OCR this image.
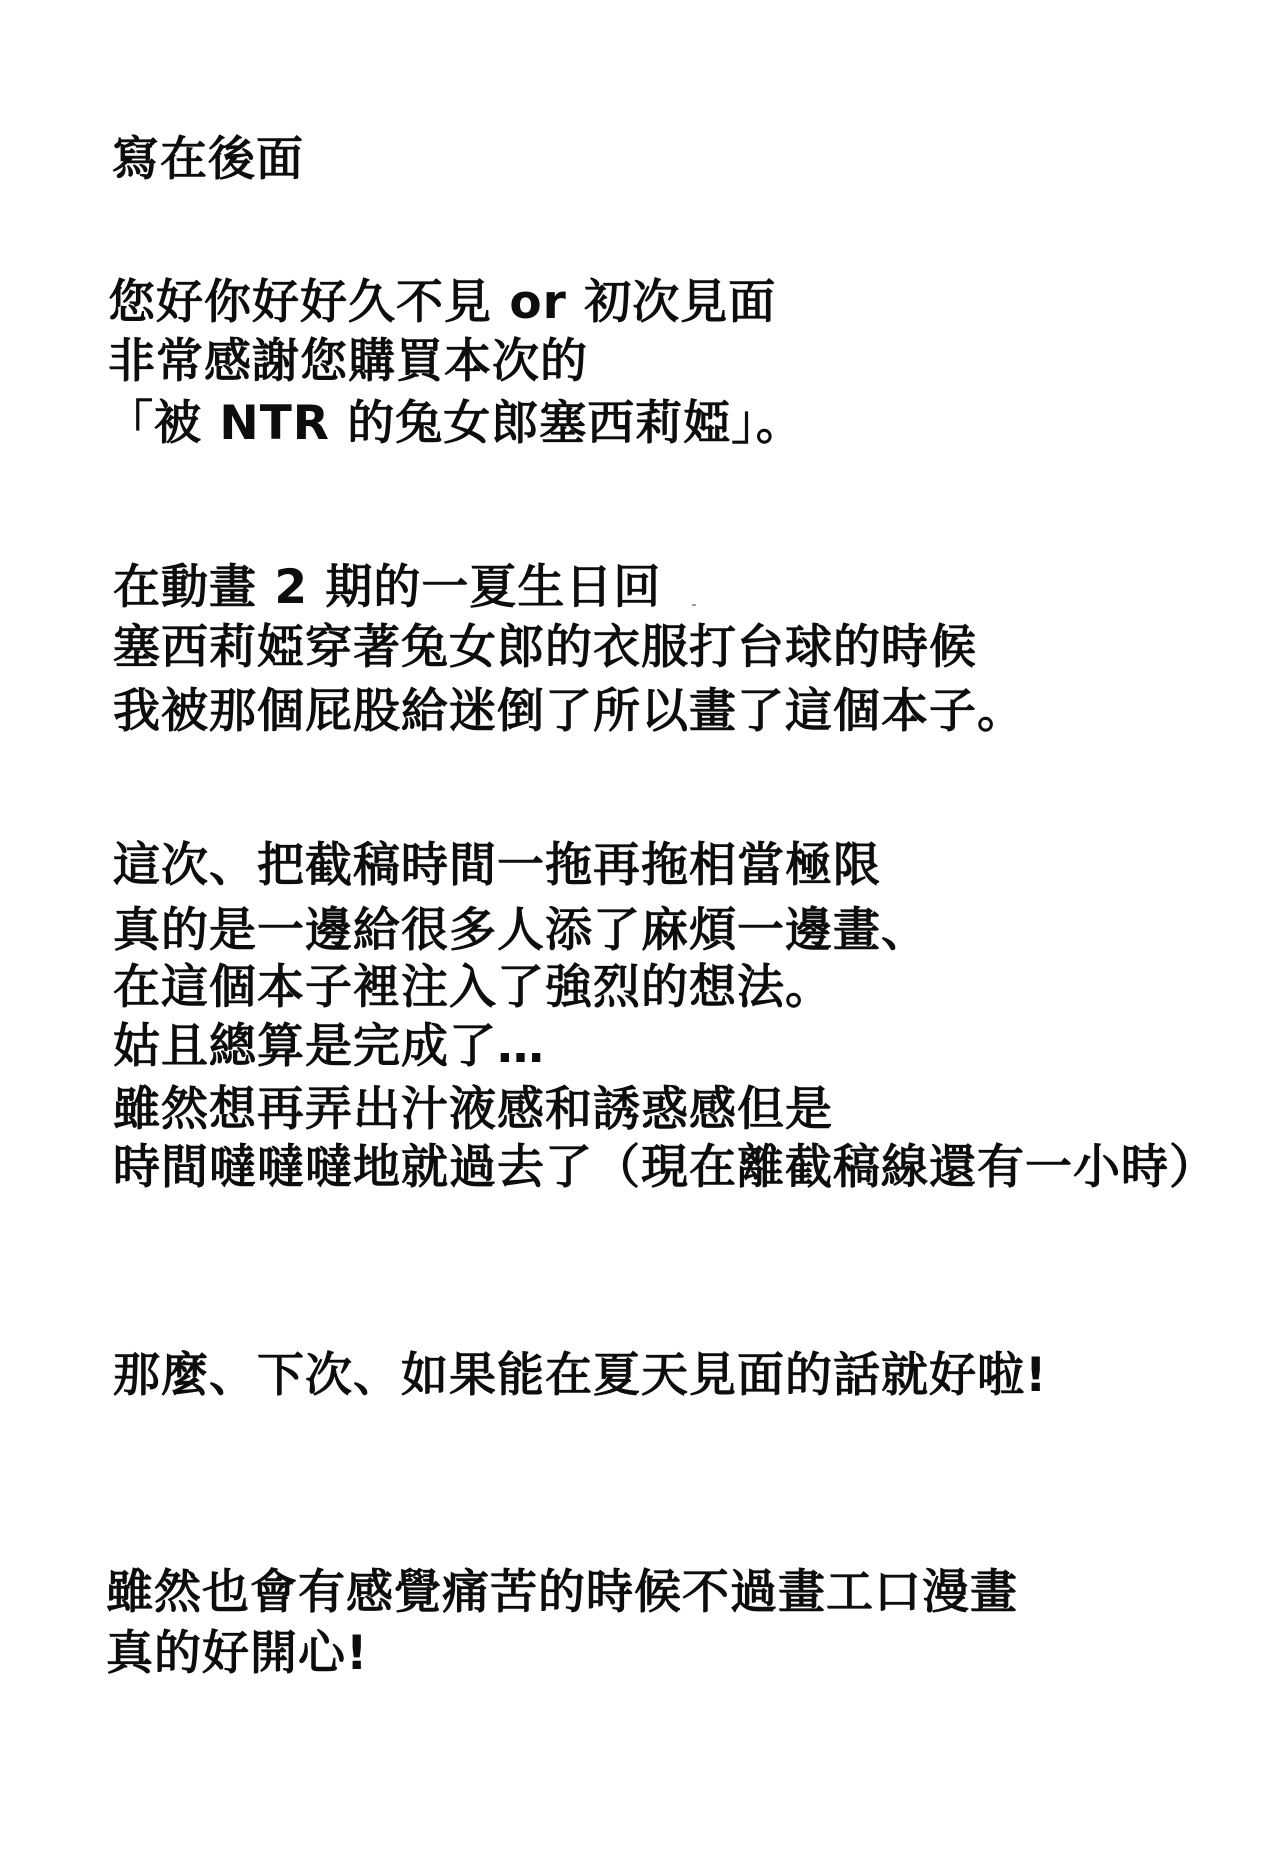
寫在後面
您好你好好久不見 or 初次見面
非常感謝您購買本次的
「被 NTR 的兔女郎塞西莉婭」。
在動畫 2 期的一夏生日回
塞西莉婭穿著兔女郎的衣服打台球的時候
我被那個屁股給迷倒了所以畫了這個本子。
這次、把截稿時間一拖再拖相當極限
真的是一邊給很多人添了麻煩一邊畫、
在這個本子裡注入了強烈的想法。
姑且總算是完成了…
雖然想再弄出汁液感和誘惑感但是
時間噠噠噠地就過去了（現在離截稿線還有一小時）
那麼、下次、如果能在夏天見面的話就好啦!
雖然也會有感覺痛苦的時候不過畫工口漫畫
真的好開心!
